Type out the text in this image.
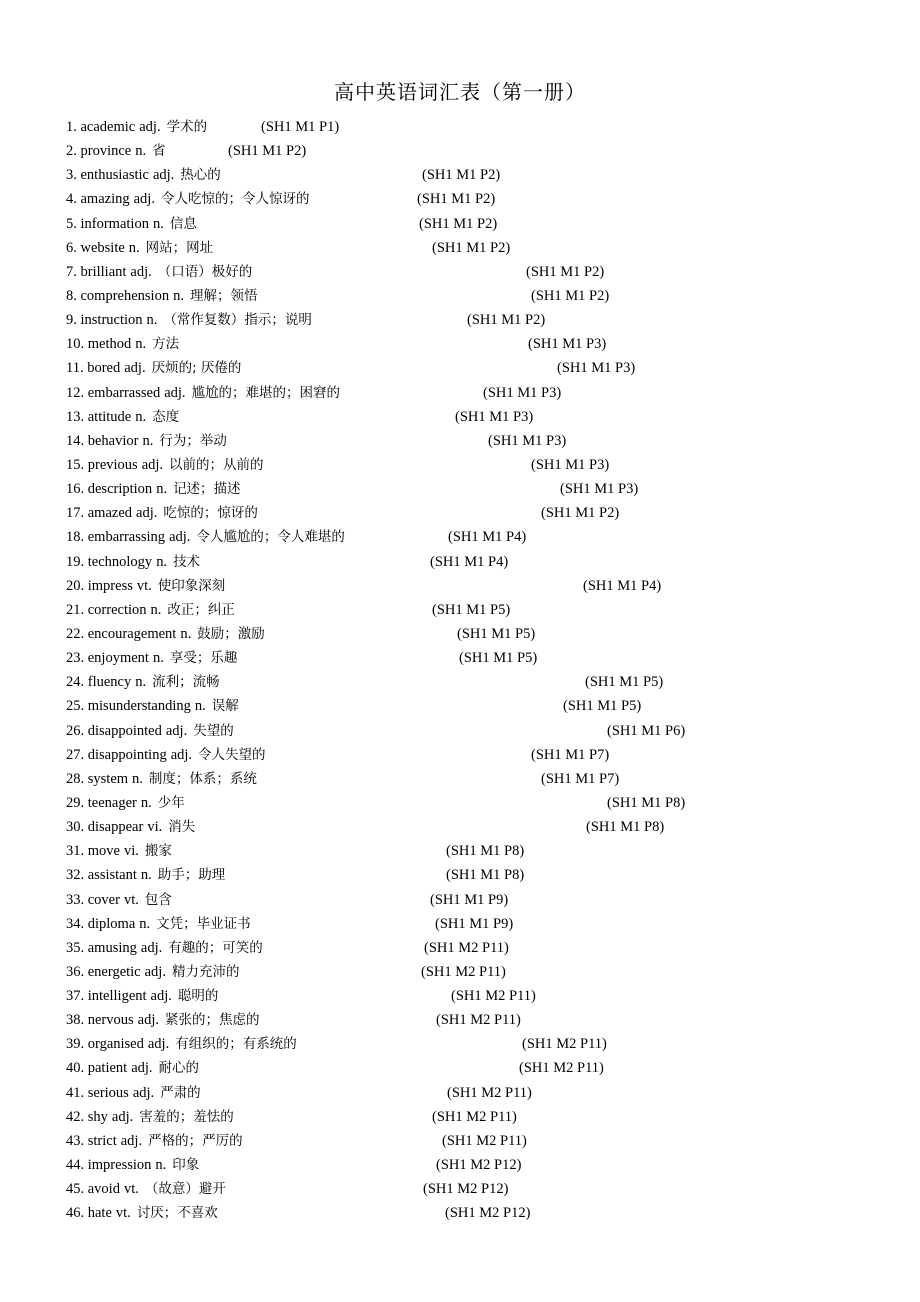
高中英语词汇表（第一册）
1. academic adj. 学术的	(SH1 M1 P1)
2. province n. 省	(SH1 M1 P2)
3. enthusiastic adj. 热心的	(SH1 M1 P2)
4. amazing adj. 令人吃惊的；令人惊讶的	(SH1 M1 P2)
5. information n. 信息	(SH1 M1 P2)
6. website n. 网站；网址	(SH1 M1 P2)
7. brilliant adj. （口语）极好的	(SH1 M1 P2)
8. comprehension n. 理解；领悟	(SH1 M1 P2)
9. instruction n. （常作复数）指示；说明	(SH1 M1 P2)
10. method n. 方法	(SH1 M1 P3)
11. bored adj. 厌烦的; 厌倦的	(SH1 M1 P3)
12. embarrassed adj. 尴尬的；难堪的；困窘的	(SH1 M1 P3)
13. attitude n. 态度	(SH1 M1 P3)
14. behavior n. 行为；举动	(SH1 M1 P3)
15. previous adj. 以前的；从前的	(SH1 M1 P3)
16. description n. 记述；描述	(SH1 M1 P3)
17. amazed adj. 吃惊的；惊讶的	(SH1 M1 P2)
18. embarrassing adj. 令人尴尬的；令人难堪的	(SH1 M1 P4)
19. technology n. 技术	(SH1 M1 P4)
20. impress vt. 使印象深刻	(SH1 M1 P4)
21. correction n. 改正；纠正	(SH1 M1 P5)
22. encouragement n. 鼓励；激励	(SH1 M1 P5)
23. enjoyment n. 享受；乐趣	(SH1 M1 P5)
24. fluency n. 流利；流畅	(SH1 M1 P5)
25. misunderstanding n. 误解	(SH1 M1 P5)
26. disappointed adj. 失望的	(SH1 M1 P6)
27. disappointing adj. 令人失望的	(SH1 M1 P7)
28. system n. 制度；体系；系统	(SH1 M1 P7)
29. teenager n. 少年	(SH1 M1 P8)
30. disappear vi. 消失	(SH1 M1 P8)
31. move vi. 搬家	(SH1 M1 P8)
32. assistant n. 助手；助理	(SH1 M1 P8)
33. cover vt. 包含	(SH1 M1 P9)
34. diploma n. 文凭；毕业证书	(SH1 M1 P9)
35. amusing adj. 有趣的；可笑的	(SH1 M2 P11)
36. energetic adj. 精力充沛的	(SH1 M2 P11)
37. intelligent adj. 聪明的	(SH1 M2 P11)
38. nervous adj. 紧张的；焦虑的	(SH1 M2 P11)
39. organised adj. 有组织的；有系统的	(SH1 M2 P11)
40. patient adj. 耐心的	(SH1 M2 P11)
41. serious adj. 严肃的	(SH1 M2 P11)
42. shy adj. 害羞的；羞怯的	(SH1 M2 P11)
43. strict adj. 严格的；严厉的	(SH1 M2 P11)
44. impression n. 印象	(SH1 M2 P12)
45. avoid vt. （故意）避开	(SH1 M2 P12)
46. hate vt. 讨厌；不喜欢	(SH1 M2 P12)
